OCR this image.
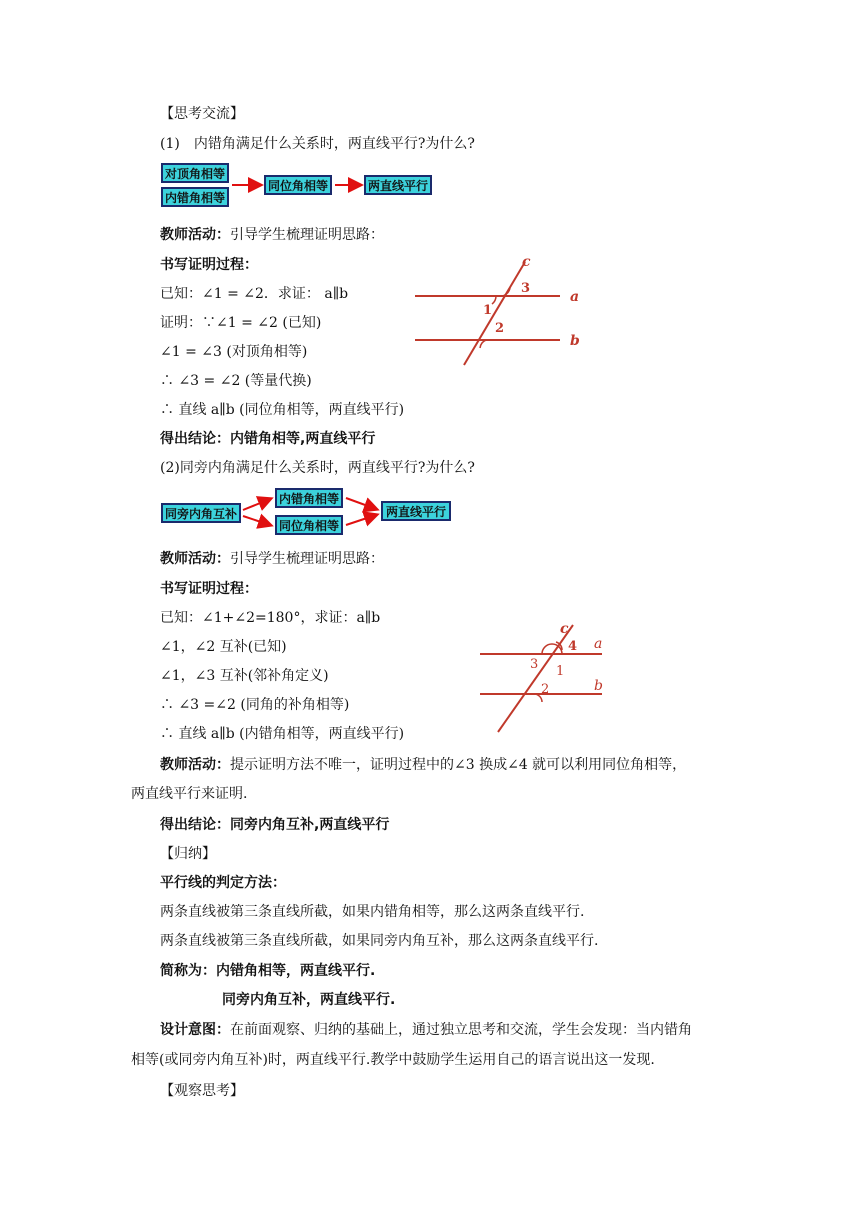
【思考交流】
(1)　内错角满足什么关系时，两直线平行?为什么?
对顶角相等
内错角相等
同位角相等	两直线平行
教师活动：引导学生梳理证明思路：
书写证明过程：
已知：∠1 = ∠2．求证： a∥b
证明：∵∠1 = ∠2 (已知)
∠1 = ∠3 (对顶角相等)
∴ ∠3 = ∠2 (等量代换)
∴ 直线 a∥b (同位角相等，两直线平行)
c
a
b
3
1
2
得出结论：内错角相等,两直线平行
(2)同旁内角满足什么关系时，两直线平行?为什么?
同旁内角互补
内错角相等
同位角相等
两直线平行
教师活动：引导学生梳理证明思路：
书写证明过程：
已知：∠1+∠2=180°，求证：a∥b
∠1，∠2 互补(已知)
∠1，∠3 互补(邻补角定义)
∴ ∠3 =∠2 (同角的补角相等)
∴ 直线 a∥b (内错角相等，两直线平行)
c
a
b
4
3 1
2
教师活动：提示证明方法不唯一，证明过程中的∠3 换成∠4 就可以利用同位角相等，
两直线平行来证明.
得出结论：同旁内角互补,两直线平行
【归纳】
平行线的判定方法：
两条直线被第三条直线所截，如果内错角相等，那么这两条直线平行.
两条直线被第三条直线所截，如果同旁内角互补，那么这两条直线平行.
简称为：内错角相等，两直线平行.
同旁内角互补，两直线平行.
设计意图：在前面观察、归纳的基础上，通过独立思考和交流，学生会发现：当内错角
相等(或同旁内角互补)时，两直线平行.教学中鼓励学生运用自己的语言说出这一发现.
【观察思考】
